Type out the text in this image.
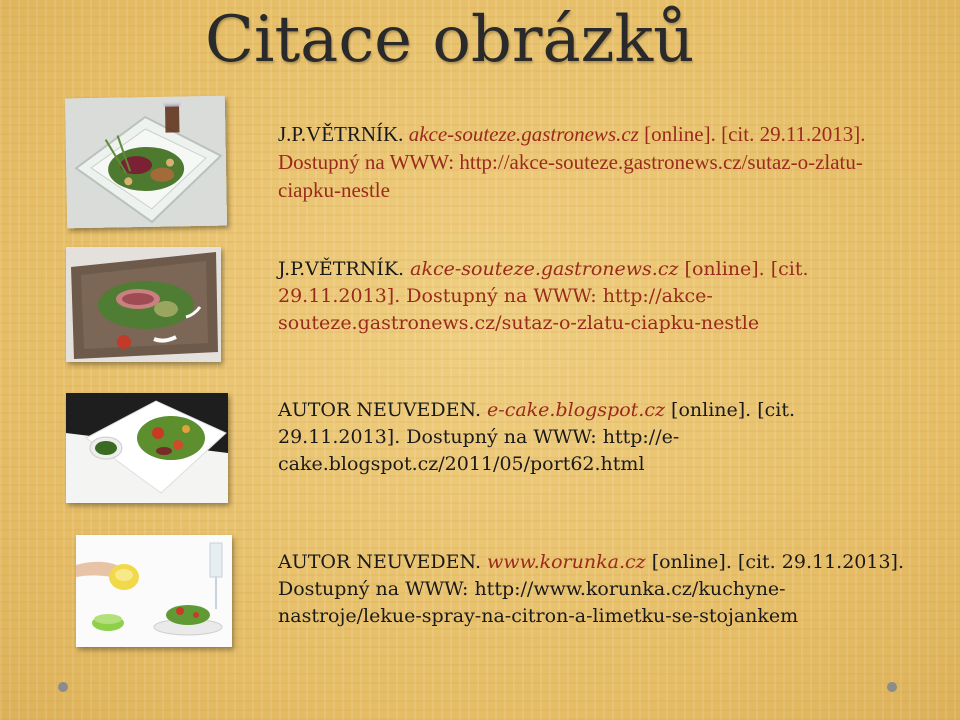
Citace obrázků
J.P.VĚTRNÍK. akce-souteze.gastronews.cz [online]. [cit. 29.11.2013]. Dostupný na WWW: http://akce-souteze.gastronews.cz/sutaz-o-zlatu-ciapku-nestle
J.P.VĚTRNÍK. akce-souteze.gastronews.cz [online]. [cit. 29.11.2013]. Dostupný na WWW: http://akce-souteze.gastronews.cz/sutaz-o-zlatu-ciapku-nestle
AUTOR NEUVEDEN. e-cake.blogspot.cz [online]. [cit. 29.11.2013]. Dostupný na WWW: http://e-cake.blogspot.cz/2011/05/port62.html
AUTOR NEUVEDEN. www.korunka.cz [online]. [cit. 29.11.2013]. Dostupný na WWW: http://www.korunka.cz/kuchyne-nastroje/lekue-spray-na-citron-a-limetku-se-stojankem
